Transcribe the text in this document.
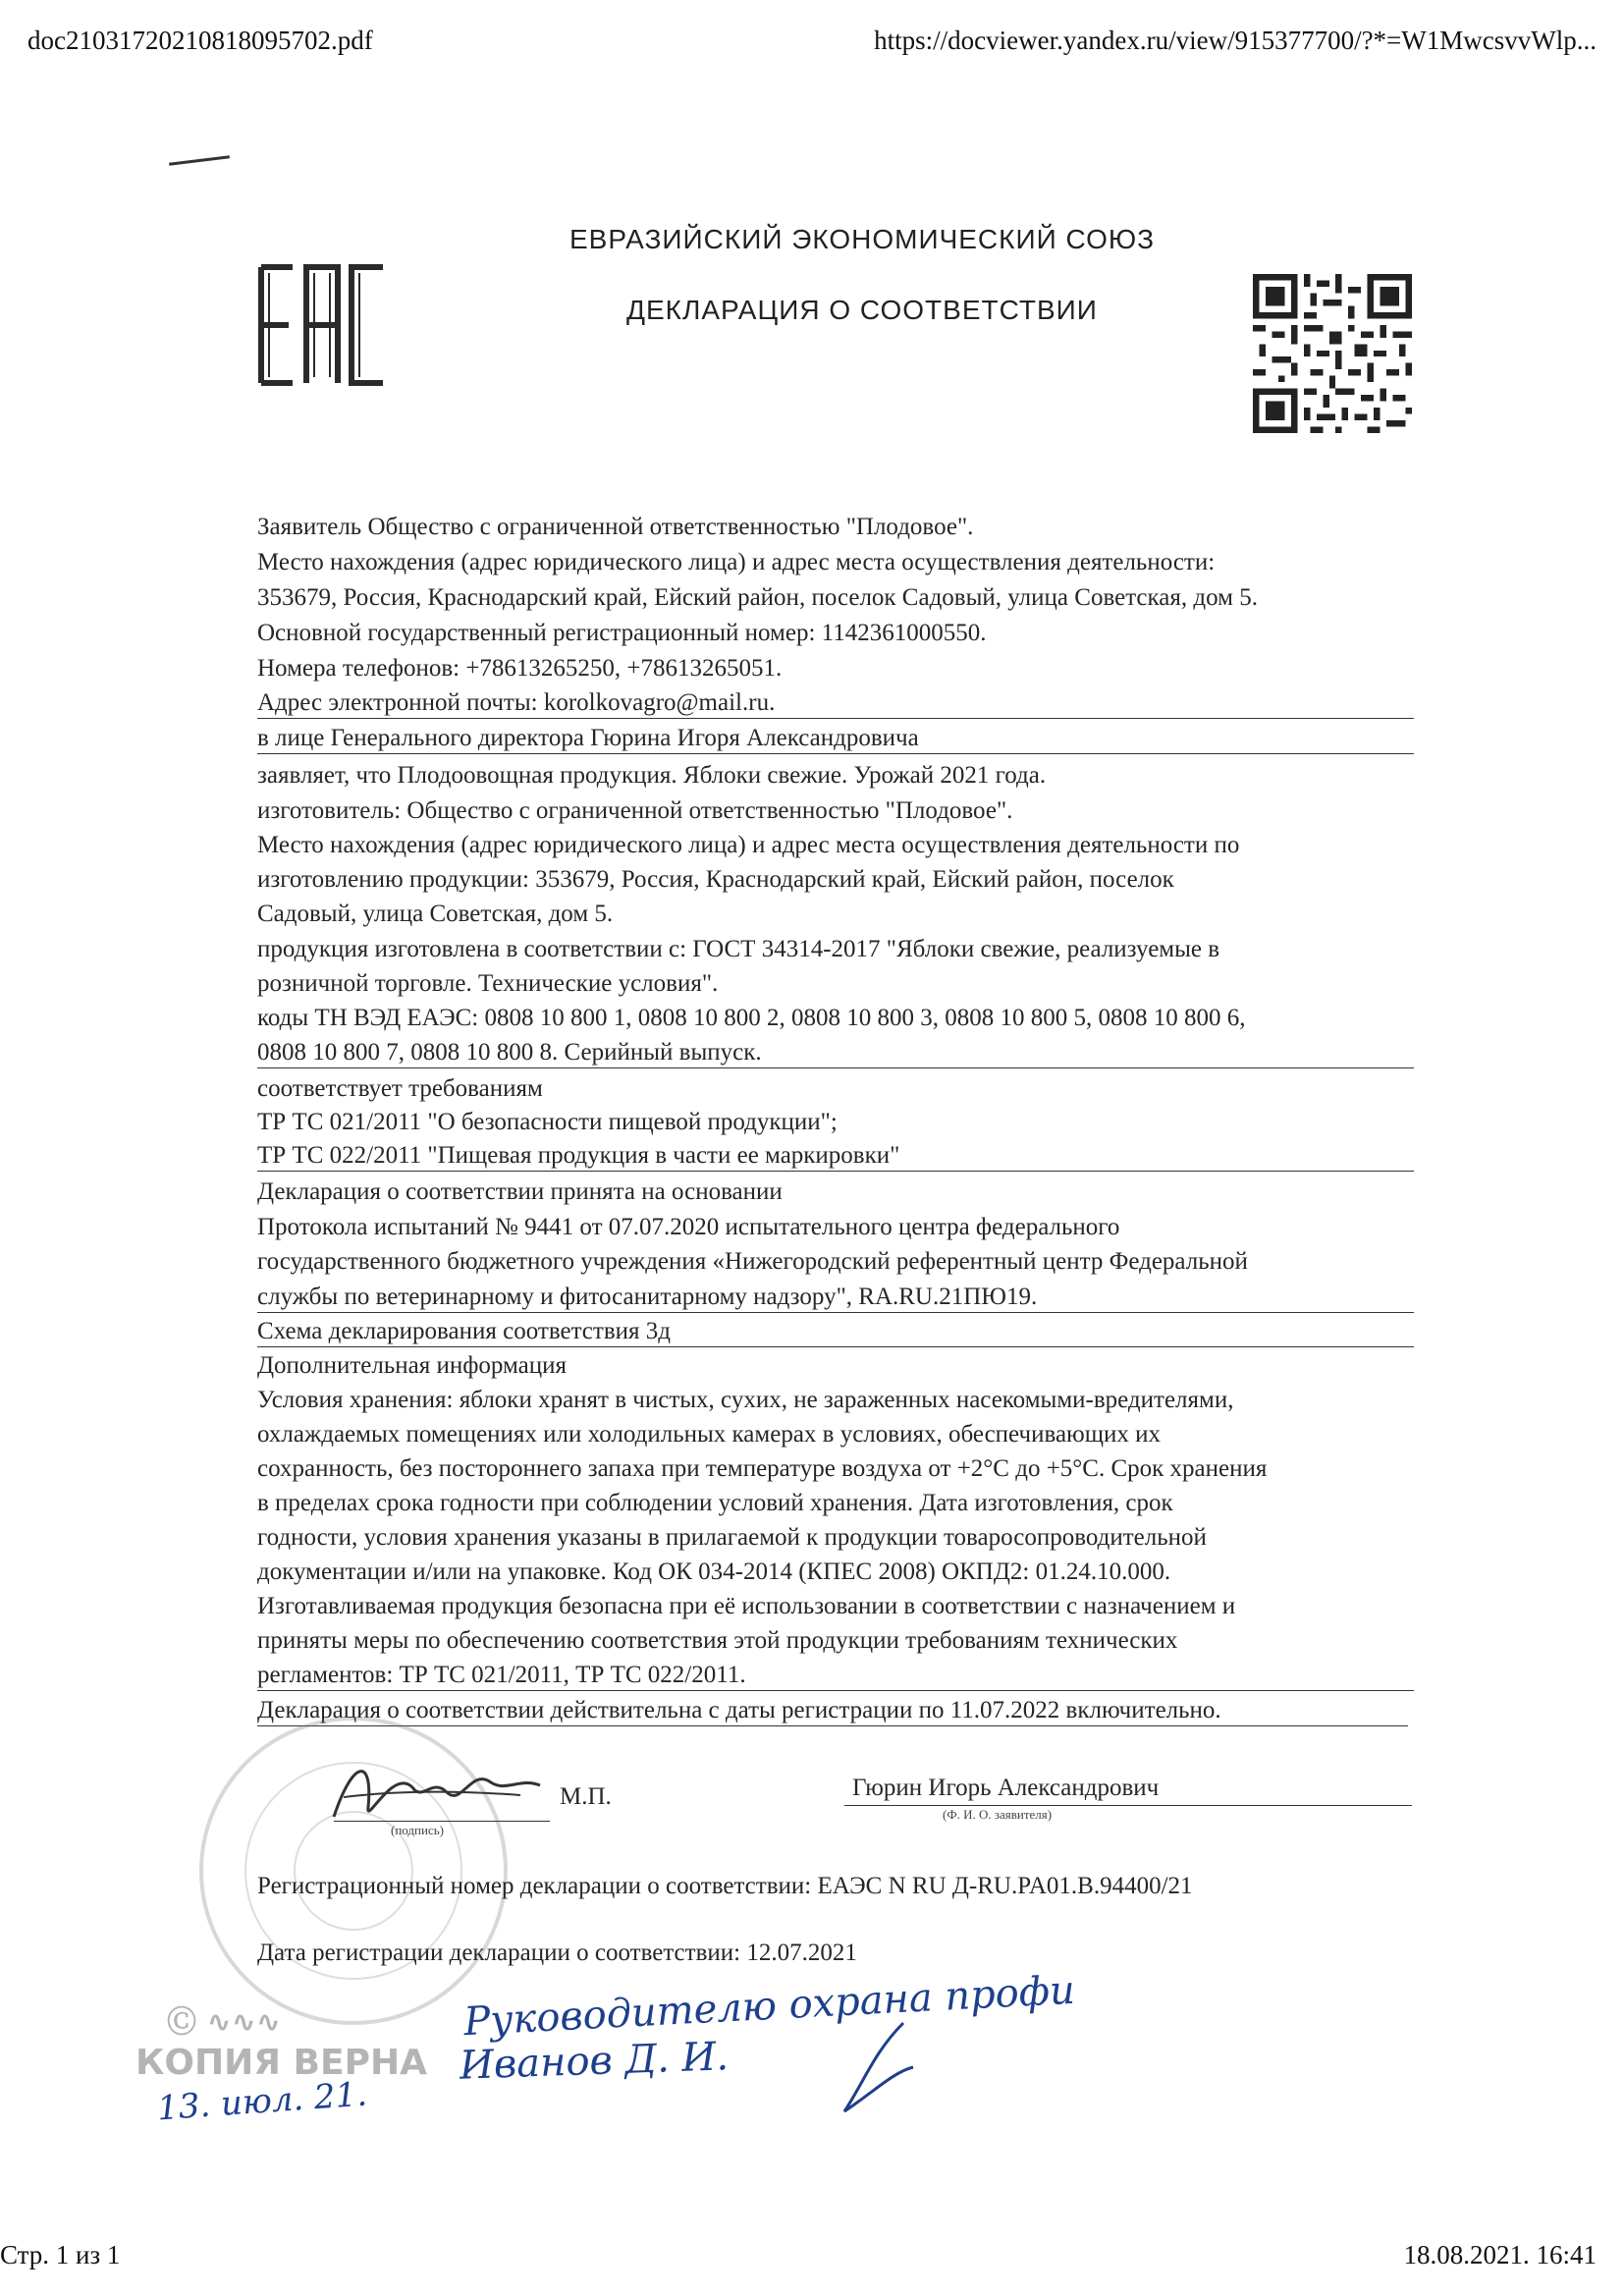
doc2103172021081809570​2.pdf	https://docviewer.yandex.ru/view/915377700/?*=W1MwcsvvWlp...
Стр. 1 из 1	18.08.2021. 16:41
ЕВРАЗИЙСКИЙ ЭКОНОМИЧЕСКИЙ СОЮЗ
ДЕКЛАРАЦИЯ О СООТВЕТСТВИИ
Заявитель Общество с ограниченной ответственностью "Плодовое".
Место нахождения (адрес юридического лица) и адрес места осуществления деятельности:
353679, Россия, Краснодарский край, Ейский район, поселок Садовый, улица Советская, дом 5.
Основной государственный регистрационный номер: 1142361000550.
Номера телефонов: +78613265250, +78613265051.
Адрес электронной почты: korolkovagro@mail.ru.
в лице Генерального директора Гюрина Игоря Александровича
заявляет, что Плодоовощная продукция. Яблоки свежие. Урожай 2021 года.
изготовитель: Общество с ограниченной ответственностью "Плодовое".
Место нахождения (адрес юридического лица) и адрес места осуществления деятельности по
изготовлению продукции: 353679, Россия, Краснодарский край, Ейский район, поселок
Садовый, улица Советская, дом 5.
продукция изготовлена в соответствии с: ГОСТ 34314-2017 "Яблоки свежие, реализуемые в
розничной торговле. Технические условия".
коды ТН ВЭД ЕАЭС: 0808 10 800 1, 0808 10 800 2, 0808 10 800 3, 0808 10 800 5, 0808 10 800 6,
0808 10 800 7, 0808 10 800 8. Серийный выпуск.
соответствует требованиям
ТР ТС 021/2011 "О безопасности пищевой продукции";
ТР ТС 022/2011 "Пищевая продукция в части ее маркировки"
Декларация о соответствии принята на основании
Протокола испытаний № 9441 от 07.07.2020 испытательного центра федерального
государственного бюджетного учреждения «Нижегородский референтный центр Федеральной
службы по ветеринарному и фитосанитарному надзору", RA.RU.21ПЮ19.
Схема декларирования соответствия 3д
Дополнительная информация
Условия хранения: яблоки хранят в чистых, сухих, не зараженных насекомыми-вредителями,
охлаждаемых помещениях или холодильных камерах в условиях, обеспечивающих их
сохранность, без постороннего запаха при температуре воздуха от +2°С до +5°С. Срок хранения
в пределах срока годности при соблюдении условий хранения. Дата изготовления, срок
годности, условия хранения указаны в прилагаемой к продукции товаросопроводительной
документации и/или на упаковке. Код ОК 034-2014 (КПЕС 2008) ОКПД2: 01.24.10.000.
Изготавливаемая продукция безопасна при её использовании в соответствии с назначением и
приняты меры по обеспечению соответствия этой продукции требованиям технических
регламентов: ТР ТС 021/2011, ТР ТС 022/2011.
Декларация о соответствии действительна с даты регистрации по 11.07.2022 включительно.
(подпись)
М.П.	Гюрин Игорь Александрович
(Ф. И. О. заявителя)
Регистрационный номер декларации о соответствии: ЕАЭС N RU Д-RU.PA01.B.94400/21
Дата регистрации декларации о соответствии: 12.07.2021
Ⓒ ∿∿∿
КОПИЯ ВЕРНА
Руководителю охрана профи
Иванов Д. И.
13. июл. 21.
